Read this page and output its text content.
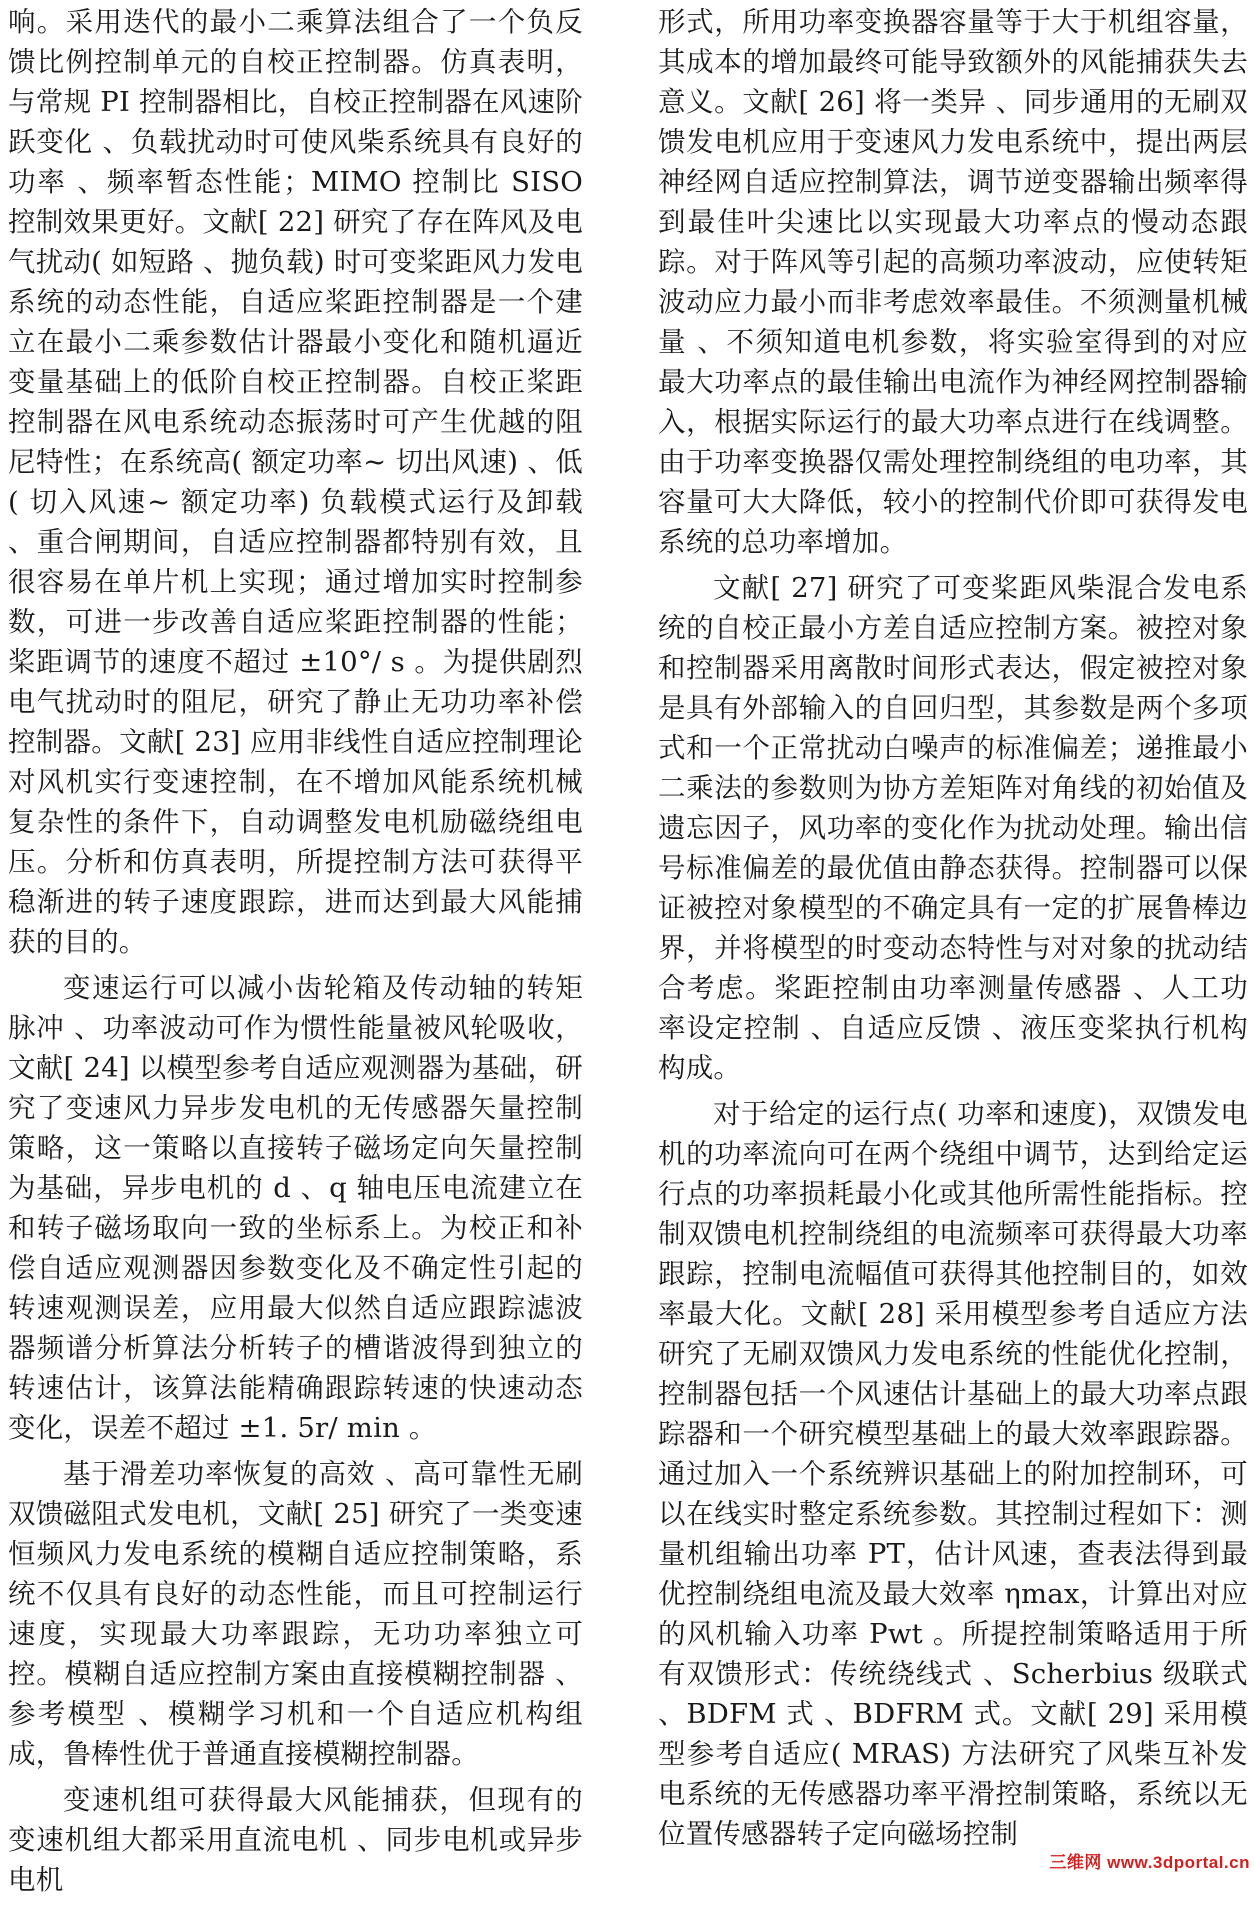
响。采用迭代的最小二乘算法组合了一个负反馈比例控制单元的自校正控制器。仿真表明，与常规 PI 控制器相比，自校正控制器在风速阶跃变化 、负载扰动时可使风柴系统具有良好的功率 、频率暂态性能；MIMO 控制比 SISO 控制效果更好。文献[ 22] 研究了存在阵风及电气扰动( 如短路 、抛负载) 时可变桨距风力发电系统的动态性能，自适应桨距控制器是一个建立在最小二乘参数估计器最小变化和随机逼近变量基础上的低阶自校正控制器。自校正桨距控制器在风电系统动态振荡时可产生优越的阻尼特性；在系统高( 额定功率~ 切出风速) 、低( 切入风速~ 额定功率) 负载模式运行及卸载 、重合闸期间，自适应控制器都特别有效，且很容易在单片机上实现；通过增加实时控制参数，可进一步改善自适应桨距控制器的性能；桨距调节的速度不超过 ±10°/ s 。为提供剧烈电气扰动时的阻尼，研究了静止无功功率补偿控制器。文献[ 23] 应用非线性自适应控制理论对风机实行变速控制，在不增加风能系统机械复杂性的条件下，自动调整发电机励磁绕组电压。分析和仿真表明，所提控制方法可获得平稳渐进的转子速度跟踪，进而达到最大风能捕获的目的。

变速运行可以减小齿轮箱及传动轴的转矩脉冲 、功率波动可作为惯性能量被风轮吸收，文献[ 24] 以模型参考自适应观测器为基础，研究了变速风力异步发电机的无传感器矢量控制策略，这一策略以直接转子磁场定向矢量控制为基础，异步电机的 d 、q 轴电压电流建立在和转子磁场取向一致的坐标系上。为校正和补偿自适应观测器因参数变化及不确定性引起的转速观测误差，应用最大似然自适应跟踪滤波器频谱分析算法分析转子的槽谐波得到独立的转速估计，该算法能精确跟踪转速的快速动态变化，误差不超过 ±1. 5r/ min 。

基于滑差功率恢复的高效 、高可靠性无刷双馈磁阻式发电机，文献[ 25] 研究了一类变速恒频风力发电系统的模糊自适应控制策略，系统不仅具有良好的动态性能，而且可控制运行速度，实现最大功率跟踪，无功功率独立可控。模糊自适应控制方案由直接模糊控制器 、参考模型 、模糊学习机和一个自适应机构组成，鲁棒性优于普通直接模糊控制器。

变速机组可获得最大风能捕获，但现有的变速机组大都采用直流电机 、同步电机或异步电机

形式，所用功率变换器容量等于大于机组容量，其成本的增加最终可能导致额外的风能捕获失去意义。文献[ 26] 将一类异 、同步通用的无刷双馈发电机应用于变速风力发电系统中，提出两层神经网自适应控制算法，调节逆变器输出频率得到最佳叶尖速比以实现最大功率点的慢动态跟踪。对于阵风等引起的高频功率波动，应使转矩波动应力最小而非考虑效率最佳。不须测量机械量 、不须知道电机参数，将实验室得到的对应最大功率点的最佳输出电流作为神经网控制器输入，根据实际运行的最大功率点进行在线调整。由于功率变换器仅需处理控制绕组的电功率，其容量可大大降低，较小的控制代价即可获得发电系统的总功率增加。

文献[ 27] 研究了可变桨距风柴混合发电系统的自校正最小方差自适应控制方案。被控对象和控制器采用离散时间形式表达，假定被控对象是具有外部输入的自回归型，其参数是两个多项式和一个正常扰动白噪声的标准偏差；递推最小二乘法的参数则为协方差矩阵对角线的初始值及遗忘因子，风功率的变化作为扰动处理。输出信号标准偏差的最优值由静态获得。控制器可以保证被控对象模型的不确定具有一定的扩展鲁棒边界，并将模型的时变动态特性与对对象的扰动结合考虑。桨距控制由功率测量传感器 、人工功率设定控制 、自适应反馈 、液压变桨执行机构构成。

对于给定的运行点( 功率和速度)，双馈发电机的功率流向可在两个绕组中调节，达到给定运行点的功率损耗最小化或其他所需性能指标。控制双馈电机控制绕组的电流频率可获得最大功率跟踪，控制电流幅值可获得其他控制目的，如效率最大化。文献[ 28] 采用模型参考自适应方法研究了无刷双馈风力发电系统的性能优化控制，控制器包括一个风速估计基础上的最大功率点跟踪器和一个研究模型基础上的最大效率跟踪器。通过加入一个系统辨识基础上的附加控制环，可以在线实时整定系统参数。其控制过程如下：测量机组输出功率 PT，估计风速，查表法得到最优控制绕组电流及最大效率 ηmax，计算出对应的风机输入功率 Pwt 。所提控制策略适用于所有双馈形式：传统绕线式 、Scherbius 级联式 、BDFM 式 、BDFRM 式。文献[ 29] 采用模型参考自适应( MRAS) 方法研究了风柴互补发电系统的无传感器功率平滑控制策略，系统以无位置传感器转子定向磁场控制

三维网 www.3dportal.cn
